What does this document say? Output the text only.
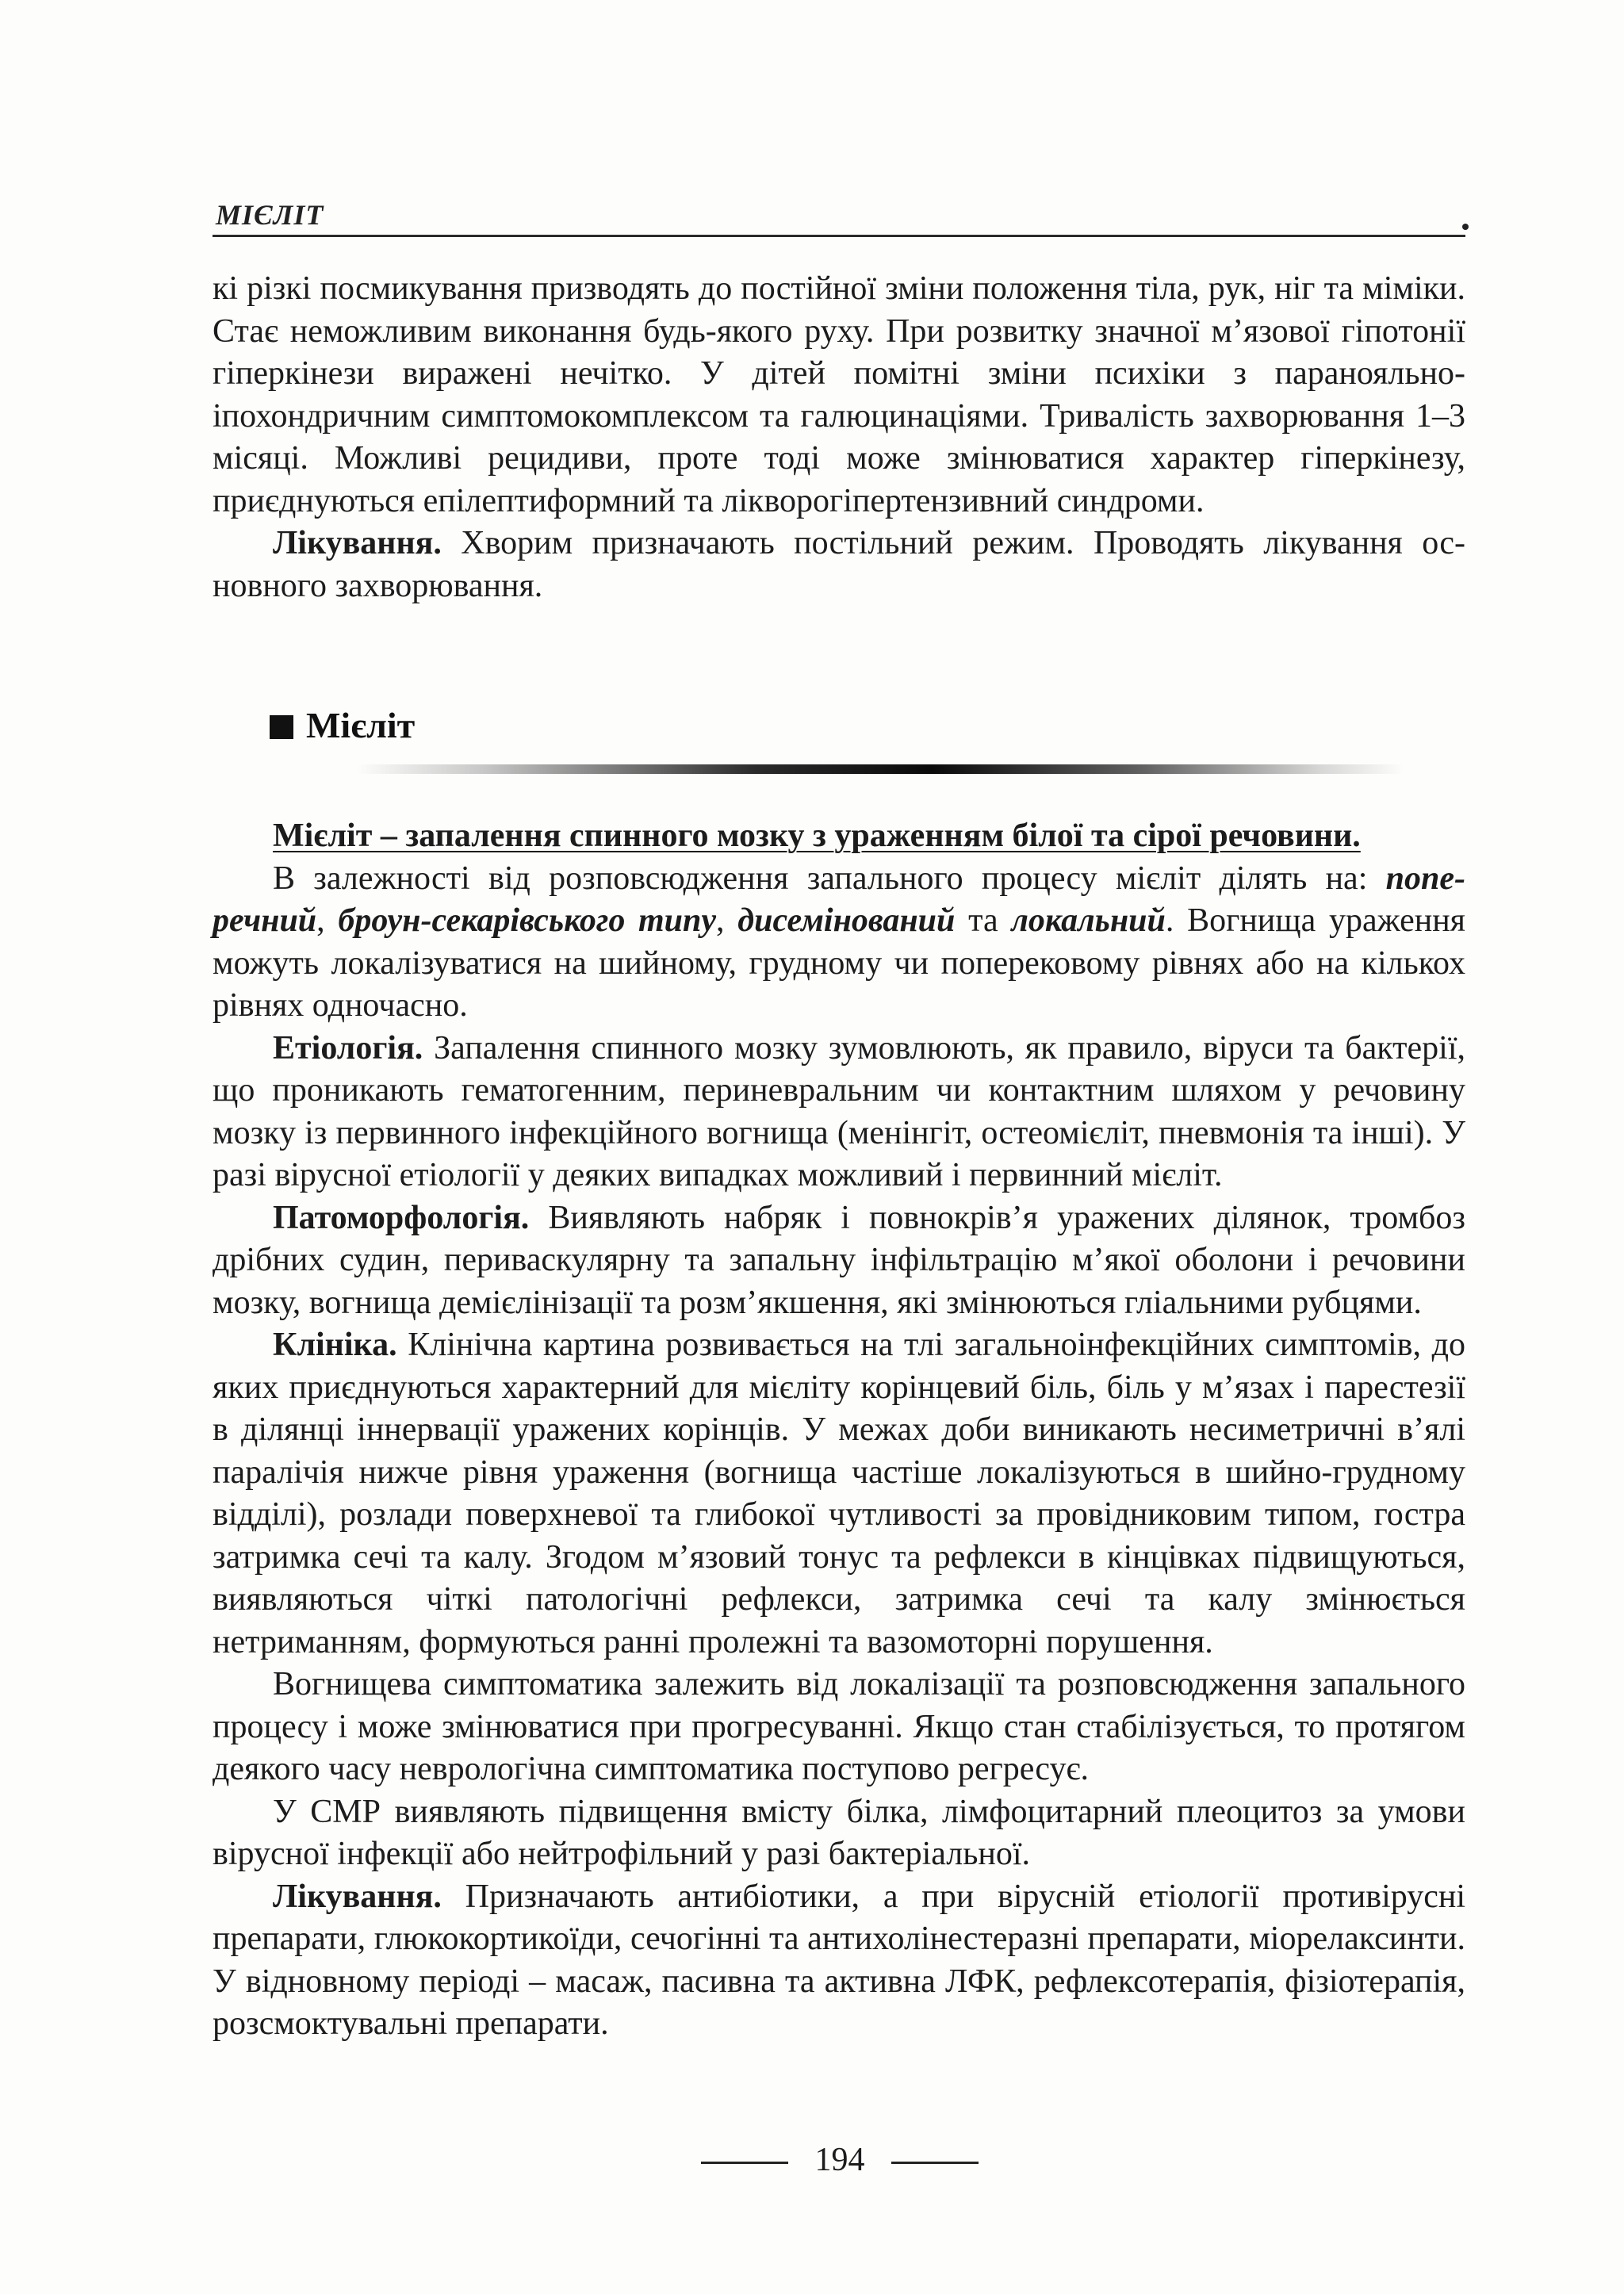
МІЄЛІТ

кі різкі посмикування призводять до постійної зміни положення тіла, рук, ніг та міміки. Стає неможливим виконання будь-якого руху. При розвитку значної м’язової гіпотонії гіперкінези виражені нечітко. У дітей помітні зміни психіки з паранояльно-іпохондричним симптомокомплексом та галюцинаціями. Тривалість захворювання 1–3 місяці. Можливі рецидиви, проте тоді може змінюватися характер гіперкінезу, приєднуються епілептиформний та лікворогіпертензивний синдроми.

Лікування. Хворим призначають постільний режим. Проводять лікування основного захворювання.

Мієліт

Мієліт – запалення спинного мозку з ураженням білої та сірої речовини.

В залежності від розповсюдження запального процесу мієліт ділять на: поперечний, броун-секарівського типу, дисемінований та локальний. Вогнища ураження можуть локалізуватися на шийному, грудному чи поперековому рівнях або на кількох рівнях одночасно.

Етіологія. Запалення спинного мозку зумовлюють, як правило, віруси та бактерії, що проникають гематогенним, периневральним чи контактним шляхом у речовину мозку із первинного інфекційного вогнища (менінгіт, остеомієліт, пневмонія та інші). У разі вірусної етіології у деяких випадках можливий і первинний мієліт.

Патоморфологія. Виявляють набряк і повнокрів’я уражених ділянок, тромбоз дрібних судин, периваскулярну та запальну інфільтрацію м’якої оболони і речовини мозку, вогнища демієлінізації та розм’якшення, які змінюються гліальними рубцями.

Клініка. Клінічна картина розвивається на тлі загальноінфекційних симптомів, до яких приєднуються характерний для мієліту корінцевий біль, біль у м’язах і парестезії в ділянці іннервації уражених корінців. У межах доби виникають несиметричні в’ялі паралічія нижче рівня ураження (вогнища частіше локалізуються в шийно-грудному відділі), розлади поверхневої та глибокої чутливості за провідниковим типом, гостра затримка сечі та калу. Згодом м’язовий тонус та рефлекси в кінцівках підвищуються, виявляються чіткі патологічні рефлекси, затримка сечі та калу змінюється нетриманням, формуються ранні пролежні та вазомоторні порушення.

Вогнищева симптоматика залежить від локалізації та розповсюдження запального процесу і може змінюватися при прогресуванні. Якщо стан стабілізується, то протягом деякого часу неврологічна симптоматика поступово регресує.

У СМР виявляють підвищення вмісту білка, лімфоцитарний плеоцитоз за умови вірусної інфекції або нейтрофільний у разі бактеріальної.

Лікування. Призначають антибіотики, а при вірусній етіології противірусні препарати, глюкокортикоїди, сечогінні та антихолінестеразні препарати, міорелаксинти. У відновному періоді – масаж, пасивна та активна ЛФК, рефлексотерапія, фізіотерапія, розсмоктувальні препарати.

194
